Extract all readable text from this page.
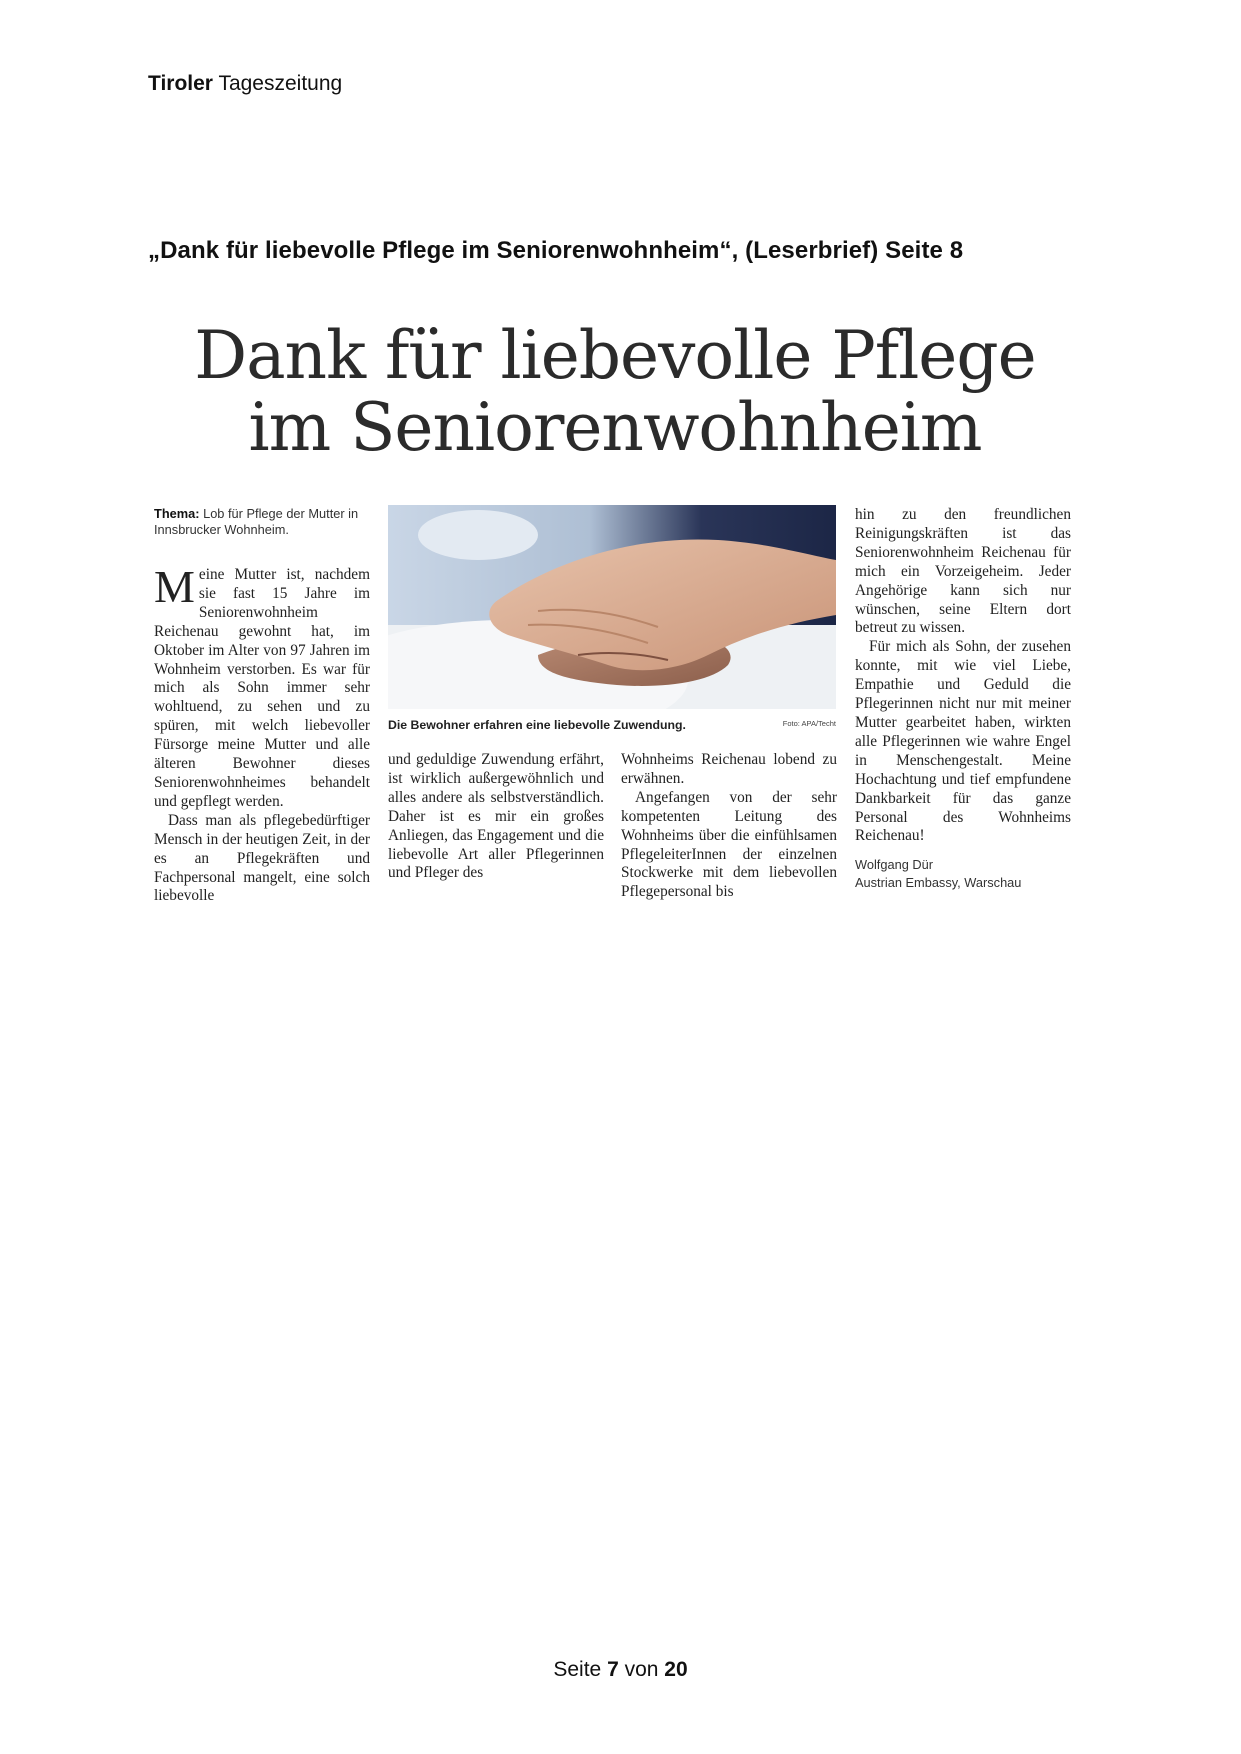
Tiroler Tageszeitung
„Dank für liebevolle Pflege im Seniorenwohnheim“, (Leserbrief) Seite 8
Dank für liebevolle Pflege
im Seniorenwohnheim
Thema: Lob für Pflege der Mutter in Innsbrucker Wohnheim.

Meine Mutter ist, nachdem sie fast 15 Jahre im Seniorenwohnheim Reichenau gewohnt hat, im Oktober im Alter von 97 Jahren im Wohnheim verstorben. Es war für mich als Sohn immer sehr wohltuend, zu sehen und zu spüren, mit welch liebevoller Fürsorge meine Mutter und alle älteren Bewohner dieses Seniorenwohnheimes behandelt und gepflegt werden.

Dass man als pflegebedürftiger Mensch in der heutigen Zeit, in der es an Pflegekräften und Fachpersonal mangelt, eine solch liebevolle

Die Bewohner erfahren eine liebevolle Zuwendung.	Foto: APA/Techt

und geduldige Zuwendung erfährt, ist wirklich außergewöhnlich und alles andere als selbstverständlich. Daher ist es mir ein großes Anliegen, das Engagement und die liebevolle Art aller Pflegerinnen und Pfleger des

Wohnheims Reichenau lobend zu erwähnen.

Angefangen von der sehr kompetenten Leitung des Wohnheims über die einfühlsamen PflegeleiterInnen der einzelnen Stockwerke mit dem liebevollen Pflegepersonal bis

hin zu den freundlichen Reinigungskräften ist das Seniorenwohnheim Reichenau für mich ein Vorzeigeheim. Jeder Angehörige kann sich nur wünschen, seine Eltern dort betreut zu wissen.

Für mich als Sohn, der zusehen konnte, mit wie viel Liebe, Empathie und Geduld die Pflegerinnen nicht nur mit meiner Mutter gearbeitet haben, wirkten alle Pflegerinnen wie wahre Engel in Menschengestalt. Meine Hochachtung und tief empfundene Dankbarkeit für das ganze Personal des Wohnheims Reichenau!

Wolfgang Dür
Austrian Embassy, Warschau
Seite 7 von 20
